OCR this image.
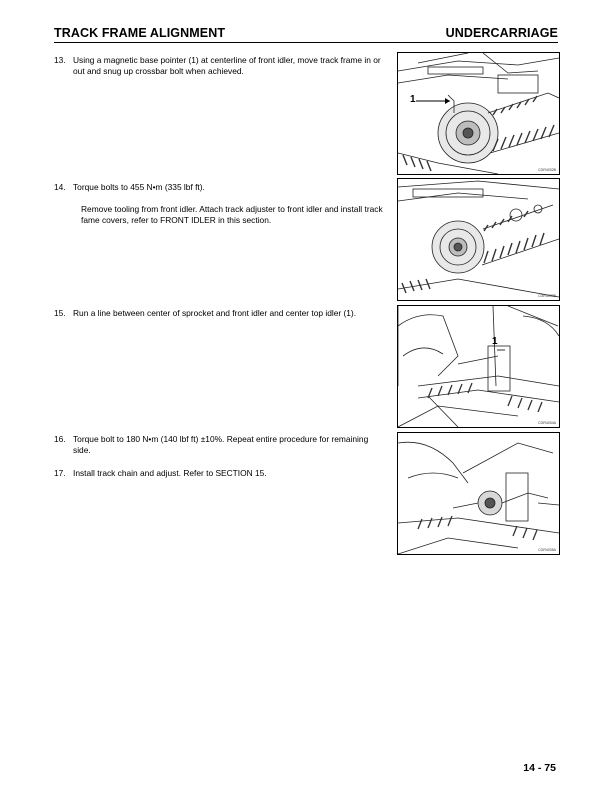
TRACK FRAME ALIGNMENT	UNDERCARRIAGE
13. Using a magnetic base pointer (1) at centerline of front idler, move track frame in or out and snug up crossbar bolt when achieved.
14. Torque bolts to 455 N•m (335 lbf ft).
Remove tooling from front idler. Attach track adjuster to front idler and install track fame covers, refer to FRONT IDLER in this section.
15. Run a line between center of sprocket and front idler and center top idler (1).
16. Torque bolt to 180 N•m (140 lbf ft) ±10%. Repeat entire procedure for remaining side.
17. Install track chain and adjust. Refer to SECTION 15.
1
CGR4032B
CGR4033B
1
CGR4034A
CGR4035A
14 - 75
